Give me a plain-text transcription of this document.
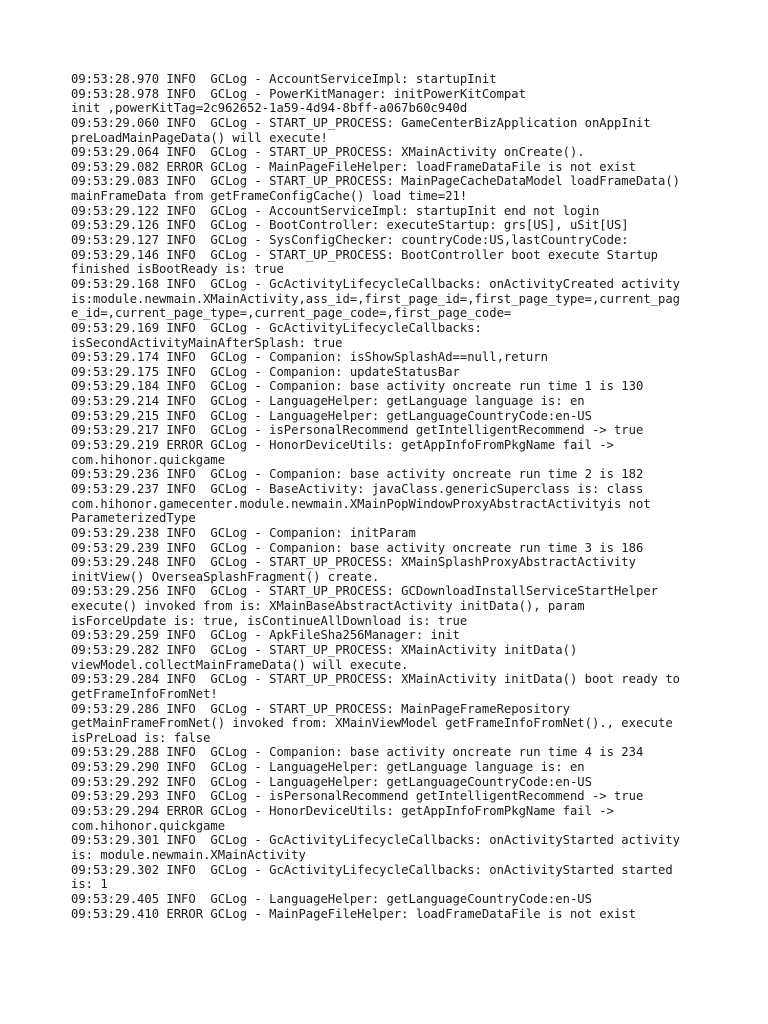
09:53:28.970 INFO  GCLog - AccountServiceImpl: startupInit
09:53:28.978 INFO  GCLog - PowerKitManager: initPowerKitCompat
init ,powerKitTag=2c962652-1a59-4d94-8bff-a067b60c940d
09:53:29.060 INFO  GCLog - START_UP_PROCESS: GameCenterBizApplication onAppInit
preLoadMainPageData() will execute!
09:53:29.064 INFO  GCLog - START_UP_PROCESS: XMainActivity onCreate().
09:53:29.082 ERROR GCLog - MainPageFileHelper: loadFrameDataFile is not exist
09:53:29.083 INFO  GCLog - START_UP_PROCESS: MainPageCacheDataModel loadFrameData()
mainFrameData from getFrameConfigCache() load time=21!
09:53:29.122 INFO  GCLog - AccountServiceImpl: startupInit end not login
09:53:29.126 INFO  GCLog - BootController: executeStartup: grs[US], uSit[US]
09:53:29.127 INFO  GCLog - SysConfigChecker: countryCode:US,lastCountryCode:
09:53:29.146 INFO  GCLog - START_UP_PROCESS: BootController boot execute Startup
finished isBootReady is: true
09:53:29.168 INFO  GCLog - GcActivityLifecycleCallbacks: onActivityCreated activity
is:module.newmain.XMainActivity,ass_id=,first_page_id=,first_page_type=,current_pag
e_id=,current_page_type=,current_page_code=,first_page_code=
09:53:29.169 INFO  GCLog - GcActivityLifecycleCallbacks:
isSecondActivityMainAfterSplash: true
09:53:29.174 INFO  GCLog - Companion: isShowSplashAd==null,return
09:53:29.175 INFO  GCLog - Companion: updateStatusBar
09:53:29.184 INFO  GCLog - Companion: base activity oncreate run time 1 is 130
09:53:29.214 INFO  GCLog - LanguageHelper: getLanguage language is: en
09:53:29.215 INFO  GCLog - LanguageHelper: getLanguageCountryCode:en-US
09:53:29.217 INFO  GCLog - isPersonalRecommend getIntelligentRecommend -> true
09:53:29.219 ERROR GCLog - HonorDeviceUtils: getAppInfoFromPkgName fail ->
com.hihonor.quickgame
09:53:29.236 INFO  GCLog - Companion: base activity oncreate run time 2 is 182
09:53:29.237 INFO  GCLog - BaseActivity: javaClass.genericSuperclass is: class
com.hihonor.gamecenter.module.newmain.XMainPopWindowProxyAbstractActivityis not
ParameterizedType
09:53:29.238 INFO  GCLog - Companion: initParam
09:53:29.239 INFO  GCLog - Companion: base activity oncreate run time 3 is 186
09:53:29.248 INFO  GCLog - START_UP_PROCESS: XMainSplashProxyAbstractActivity
initView() OverseaSplashFragment() create.
09:53:29.256 INFO  GCLog - START_UP_PROCESS: GCDownloadInstallServiceStartHelper
execute() invoked from is: XMainBaseAbstractActivity initData(), param
isForceUpdate is: true, isContinueAllDownload is: true
09:53:29.259 INFO  GCLog - ApkFileSha256Manager: init
09:53:29.282 INFO  GCLog - START_UP_PROCESS: XMainActivity initData()
viewModel.collectMainFrameData() will execute.
09:53:29.284 INFO  GCLog - START_UP_PROCESS: XMainActivity initData() boot ready to
getFrameInfoFromNet!
09:53:29.286 INFO  GCLog - START_UP_PROCESS: MainPageFrameRepository
getMainFrameFromNet() invoked from: XMainViewModel getFrameInfoFromNet()., execute
isPreLoad is: false
09:53:29.288 INFO  GCLog - Companion: base activity oncreate run time 4 is 234
09:53:29.290 INFO  GCLog - LanguageHelper: getLanguage language is: en
09:53:29.292 INFO  GCLog - LanguageHelper: getLanguageCountryCode:en-US
09:53:29.293 INFO  GCLog - isPersonalRecommend getIntelligentRecommend -> true
09:53:29.294 ERROR GCLog - HonorDeviceUtils: getAppInfoFromPkgName fail ->
com.hihonor.quickgame
09:53:29.301 INFO  GCLog - GcActivityLifecycleCallbacks: onActivityStarted activity
is: module.newmain.XMainActivity
09:53:29.302 INFO  GCLog - GcActivityLifecycleCallbacks: onActivityStarted started
is: 1
09:53:29.405 INFO  GCLog - LanguageHelper: getLanguageCountryCode:en-US
09:53:29.410 ERROR GCLog - MainPageFileHelper: loadFrameDataFile is not exist
